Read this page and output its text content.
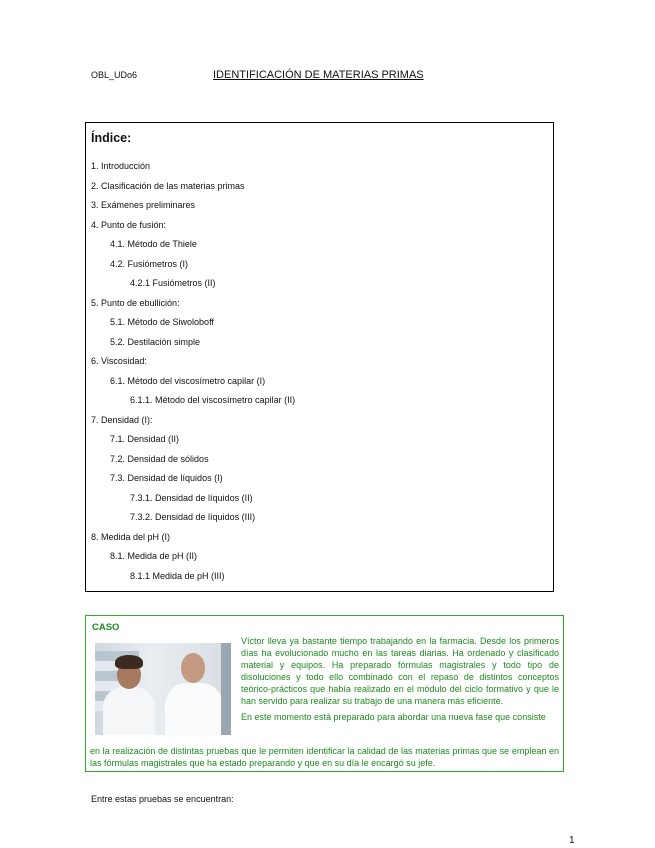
OBL_UDo6	IDENTIFICACIÓN DE MATERIAS PRIMAS
Índice:
1. Introducción
2. Clasificación de las materias primas
3. Exámenes preliminares
4. Punto de fusión:
4.1. Método de Thiele
4.2. Fusiómetros (I)
4.2.1 Fusiómetros (II)
5. Punto de ebullición:
5.1. Método de Siwoloboff
5.2. Destilación simple
6. Viscosidad:
6.1. Método del viscosímetro capilar (I)
6.1.1. Método del viscosímetro capilar (II)
7. Densidad (I):
7.1. Densidad (II)
7.2. Densidad de sólidos
7.3. Densidad de líquidos (I)
7.3.1. Densidad de líquidos (II)
7.3.2. Densidad de líquidos (III)
8. Medida del pH (I)
8.1. Medida de pH (II)
8.1.1 Medida de pH (III)
CASO

Víctor lleva ya bastante tiempo trabajando en la farmacia. Desde los primeros días ha evolucionado mucho en las tareas diarias. Ha ordenado y clasificado material y equipos. Ha preparado fórmulas magistrales y todo tipo de disoluciones y todo ello combinado con el repaso de distintos conceptos teórico-prácticos que había realizado en el módulo del ciclo formativo y que le han servido para realizar su trabajo de una manera más eficiente.

En este momento está preparado para abordar una nueva fase que consiste

en la realización de distintas pruebas que le permiten identificar la calidad de las materias primas que se emplean en las fórmulas magistrales que ha estado preparando y que en su día le encargó su jefe.
Entre estas pruebas se encuentran:
1
